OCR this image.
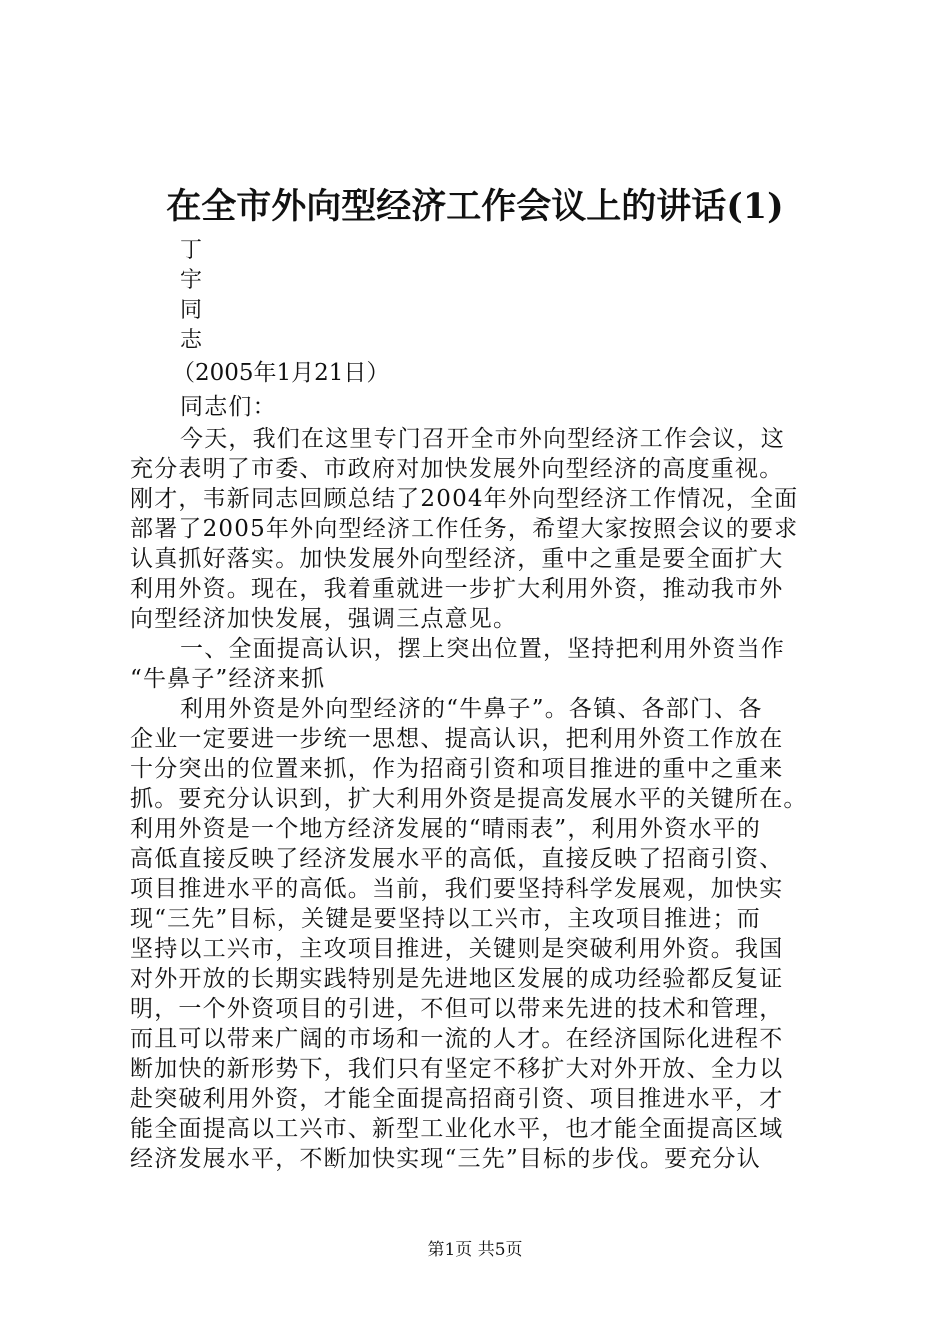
在全市外向型经济工作会议上的讲话(1)
丁
宇
同
志
（2005年1月21日）
同志们：
今天，我们在这里专门召开全市外向型经济工作会议，这
充分表明了市委、市政府对加快发展外向型经济的高度重视。
刚才，韦新同志回顾总结了2004年外向型经济工作情况，全面
部署了2005年外向型经济工作任务，希望大家按照会议的要求
认真抓好落实。加快发展外向型经济，重中之重是要全面扩大
利用外资。现在，我着重就进一步扩大利用外资，推动我市外
向型经济加快发展，强调三点意见。
一、全面提高认识，摆上突出位置，坚持把利用外资当作
“牛鼻子”经济来抓
利用外资是外向型经济的“牛鼻子”。各镇、各部门、各
企业一定要进一步统一思想、提高认识，把利用外资工作放在
十分突出的位置来抓，作为招商引资和项目推进的重中之重来
抓。要充分认识到，扩大利用外资是提高发展水平的关键所在。
利用外资是一个地方经济发展的“晴雨表”，利用外资水平的
高低直接反映了经济发展水平的高低，直接反映了招商引资、
项目推进水平的高低。当前，我们要坚持科学发展观，加快实
现“三先”目标，关键是要坚持以工兴市，主攻项目推进；而
坚持以工兴市，主攻项目推进，关键则是突破利用外资。我国
对外开放的长期实践特别是先进地区发展的成功经验都反复证
明，一个外资项目的引进，不但可以带来先进的技术和管理，
而且可以带来广阔的市场和一流的人才。在经济国际化进程不
断加快的新形势下，我们只有坚定不移扩大对外开放、全力以
赴突破利用外资，才能全面提高招商引资、项目推进水平，才
能全面提高以工兴市、新型工业化水平，也才能全面提高区域
经济发展水平，不断加快实现“三先”目标的步伐。要充分认
第1页 共5页
